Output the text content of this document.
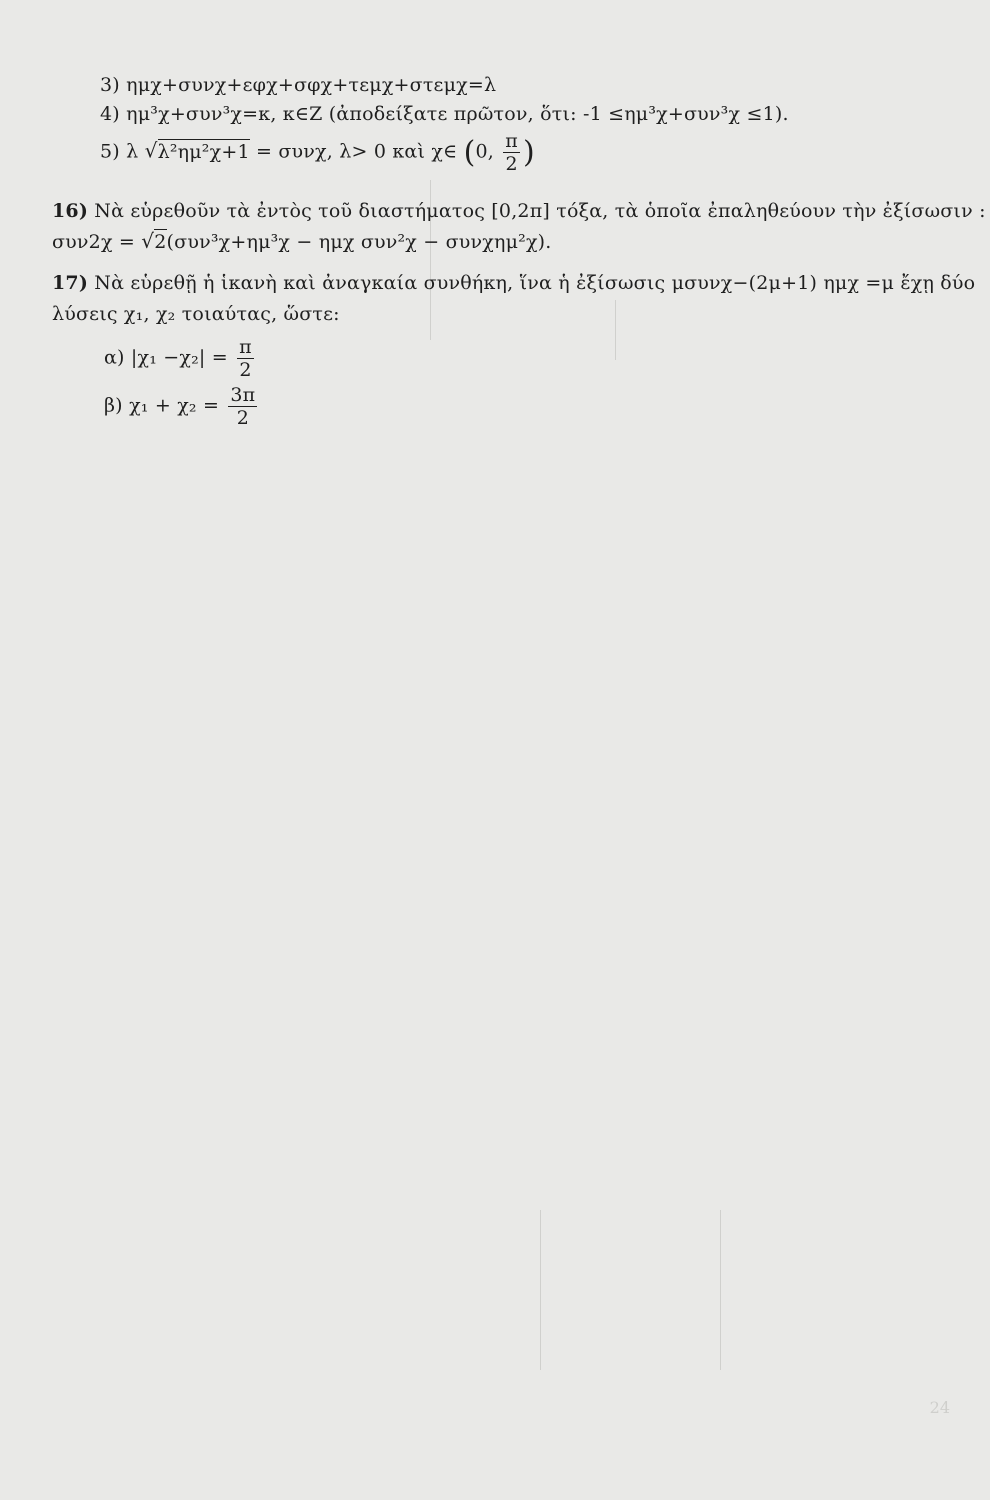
3) ημχ+συνχ+εφχ+σφχ+τεμχ+στεμχ=λ
4) ημ³χ+συν³χ=κ, κ∈Z (ἀποδείξατε πρῶτον, ὅτι: -1 ≤ημ³χ+συν³χ ≤1).
5) λ √λ²ημ²χ+1 = συνχ, λ> 0 καὶ χ∈ (0, $\frac{\pi}{2}$ )
16) Νὰ εὑρεθοῦν τὰ ἐντὸς τοῦ διαστήματος [0,2π] τόξα, τὰ ὁποῖα ἐπαληθεύουν τὴν ἐξίσωσιν :
συν2χ = √2(συν³χ+ημ³χ − ημχ συν²χ − συνχημ²χ).
17) Νὰ εὑρεθῇ ἡ ἱκανὴ καὶ ἀναγκαία συνθήκη, ἵνα ἡ ἐξίσωσις μσυνχ−(2μ+1) ημχ =μ ἔχῃ δύο
λύσεις χ₁, χ₂ τοιαύτας, ὥστε:
α) $|\chi_1 -\chi_2| = \frac{\pi}{2}$
β) $\chi_1 + \chi_2 = \frac{3\pi}{2}$
24
